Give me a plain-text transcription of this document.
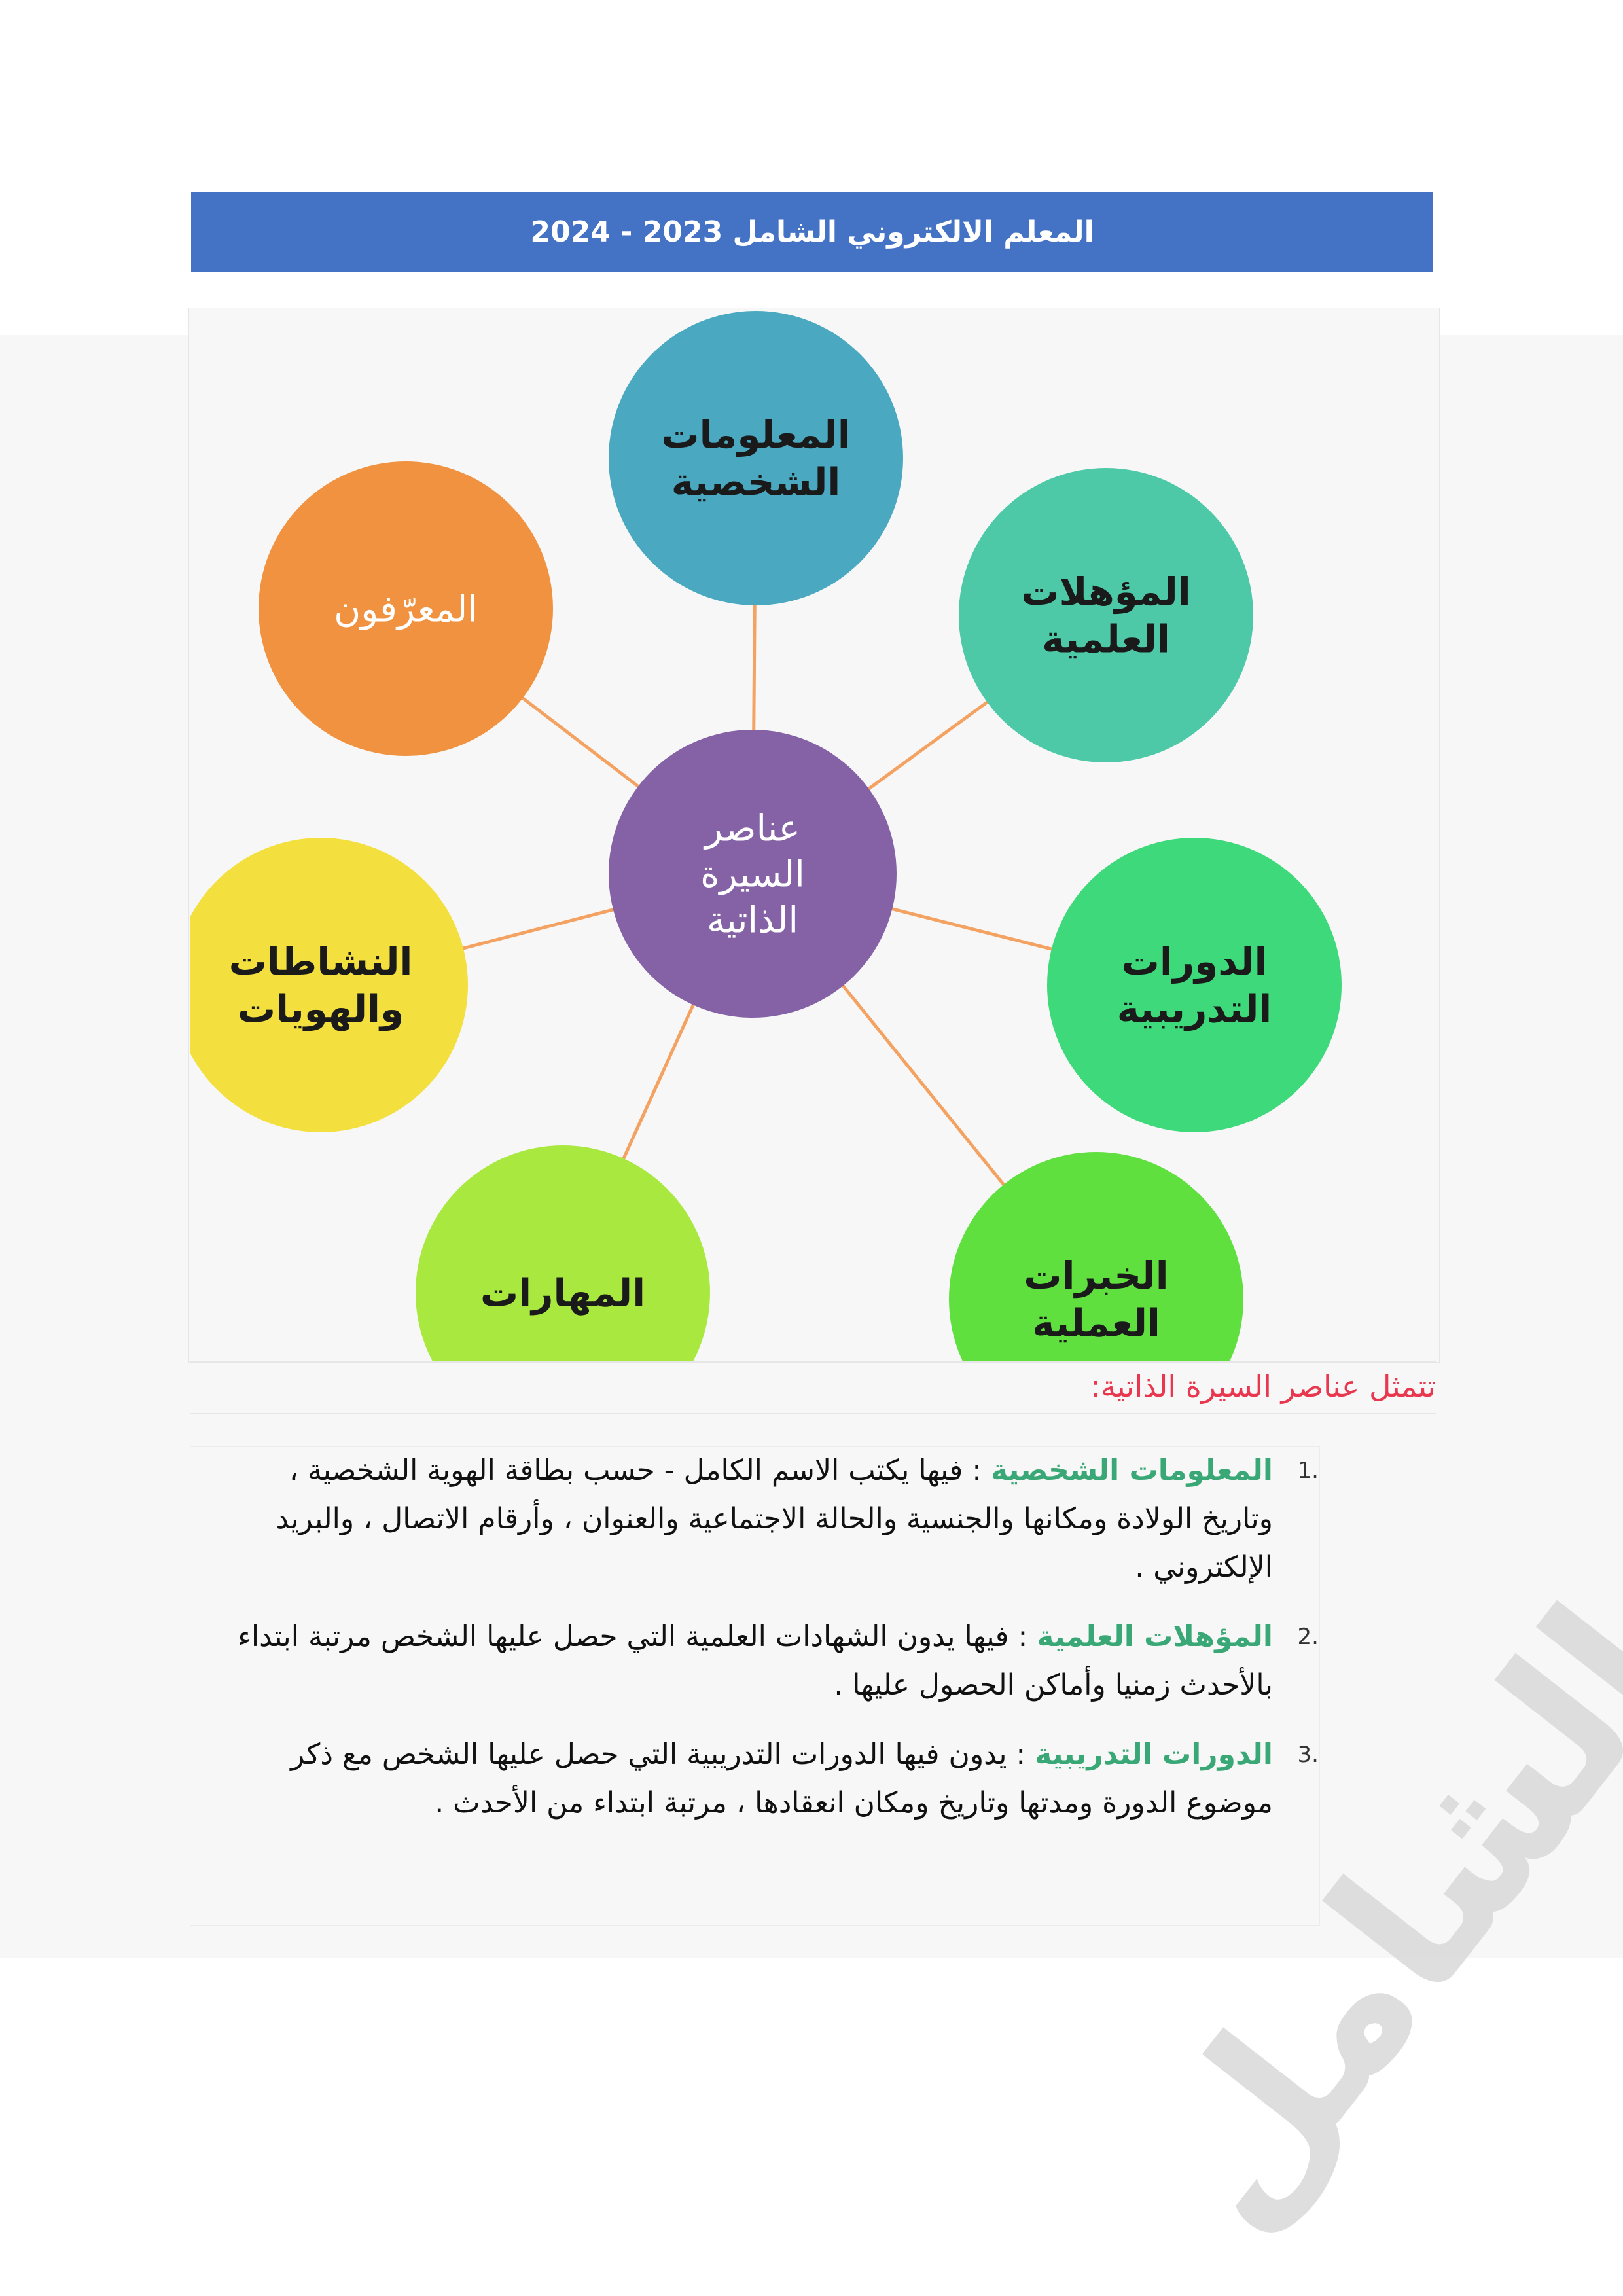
المعلم الالكتروني الشامل 2023 - 2024
المعلومات
الشخصية
المؤهلات
العلمية
الدورات
التدريبية
الخبرات
العملية
المهارات
النشاطات
والهويات
المعرّفون
عناصر
السيرة
الذاتية
الشامل
تتمثل عناصر السيرة الذاتية:
1.
المعلومات الشخصية : فيها يكتب الاسم الكامل - حسب بطاقة الهوية الشخصية ، وتاريخ الولادة ومكانها والجنسية والحالة الاجتماعية والعنوان ، وأرقام الاتصال ، والبريد الإلكتروني .
2.
المؤهلات العلمية : فيها يدون الشهادات العلمية التي حصل عليها الشخص مرتبة ابتداء بالأحدث زمنيا وأماكن الحصول عليها .
3.
الدورات التدريبية : يدون فيها الدورات التدريبية التي حصل عليها الشخص مع ذكر موضوع الدورة ومدتها وتاريخ ومكان انعقادها ، مرتبة ابتداء من الأحدث .
